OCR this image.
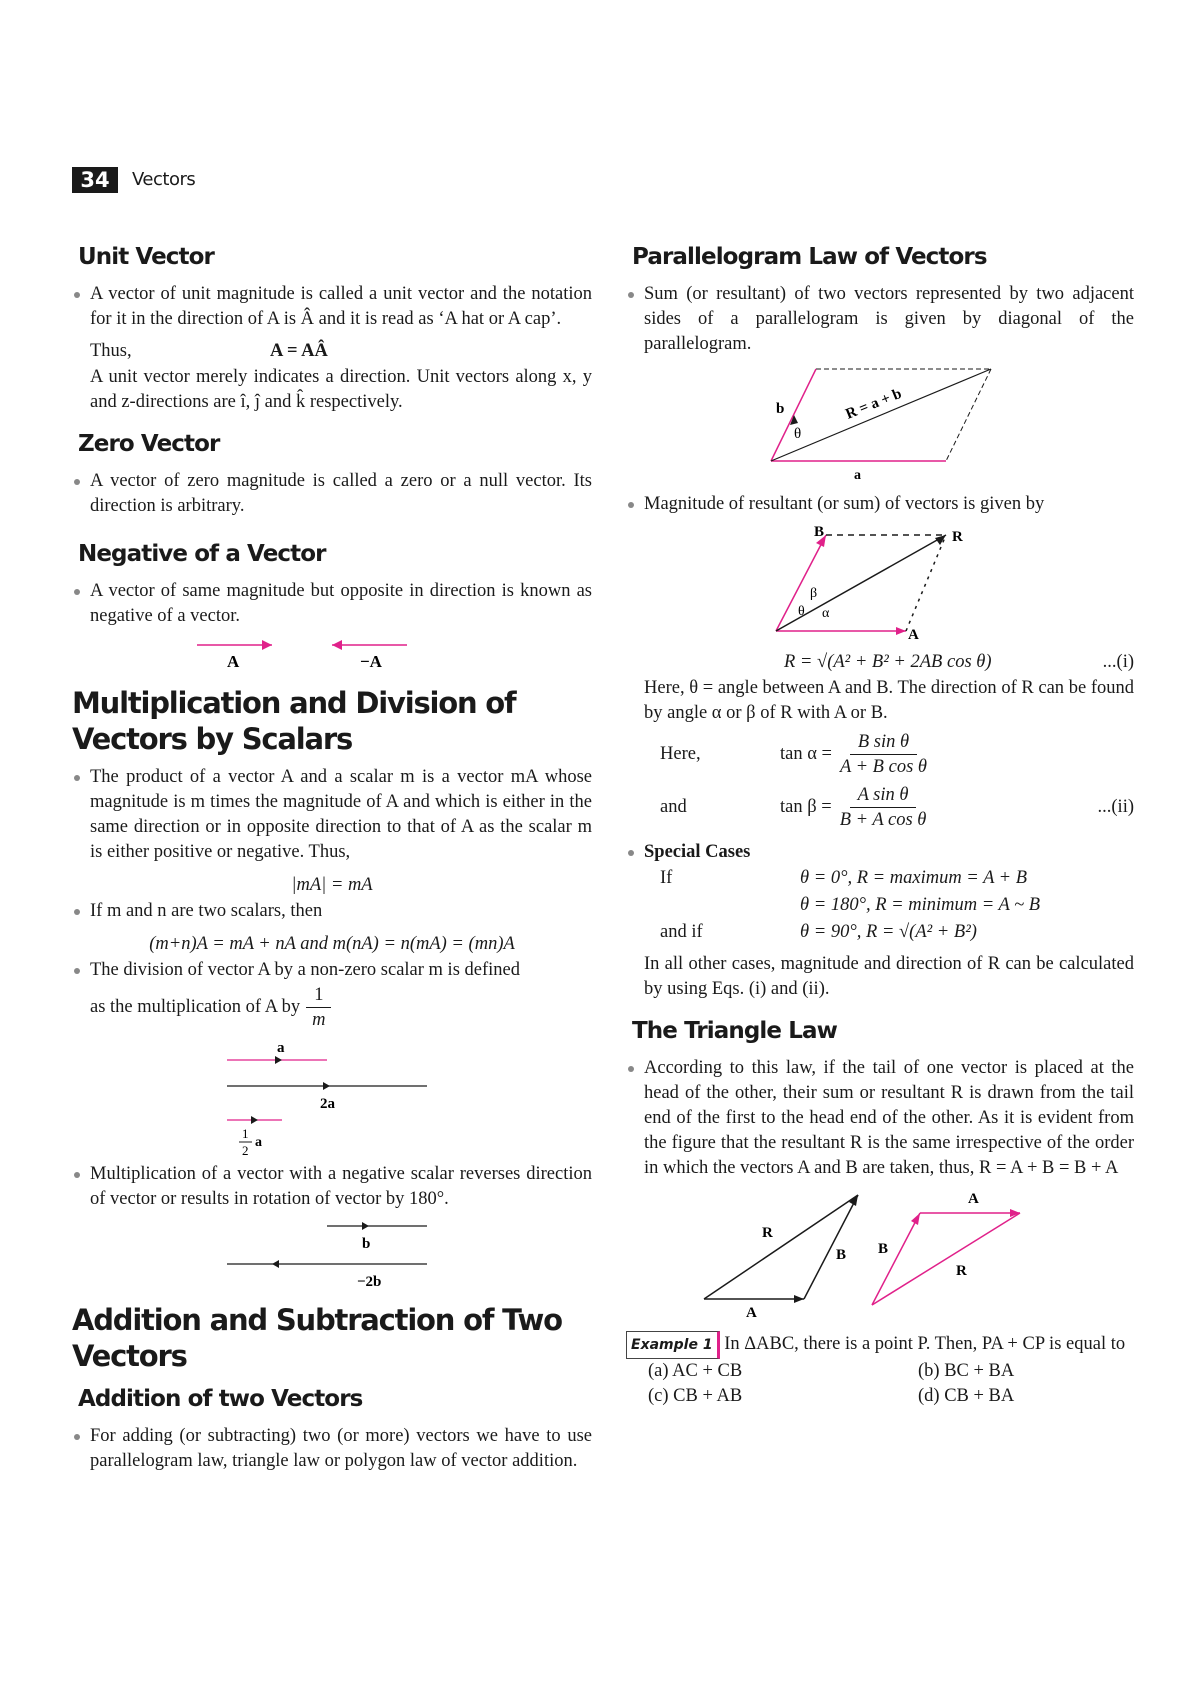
34	Vectors
Unit Vector
A vector of unit magnitude is called a unit vector and the notation for it in the direction of A is Â and it is read as ‘A hat or A cap’.
Thus,	A = AÂ
A unit vector merely indicates a direction. Unit vectors along x, y and z-directions are î, ĵ and k̂ respectively.
Zero Vector
A vector of zero magnitude is called a zero or a null vector. Its direction is arbitrary.
Negative of a Vector
A vector of same magnitude but opposite in direction is known as negative of a vector.
A	−A
Multiplication and Division of Vectors by Scalars
The product of a vector A and a scalar m is a vector mA whose magnitude is m times the magnitude of A and which is either in the same direction or in opposite direction to that of A as the scalar m is either positive or negative. Thus,
|mA| = mA
If m and n are two scalars, then
(m+n)A = mA + nA and m(nA) = n(mA) = (mn)A
The division of vector A by a non-zero scalar m is defined
as the multiplication of A by $\frac{1}{m}$
a
2a
1
2
a
Multiplication of a vector with a negative scalar reverses direction of vector or results in rotation of vector by 180°.
b
−2b
Addition and Subtraction of Two Vectors
Addition of two Vectors
For adding (or subtracting) two (or more) vectors we have to use parallelogram law, triangle law or polygon law of vector addition.
Parallelogram Law of Vectors
Sum (or resultant) of two vectors represented by two adjacent sides of a parallelogram is given by diagonal of the parallelogram.
b
θ
R = a + b
a
Magnitude of resultant (or sum) of vectors is given by
B	R
A
β
θ α
R = √(A² + B² + 2AB cos θ)	...(i)
Here, θ = angle between A and B. The direction of R can be found by angle α or β of R with A or B.
Here,	$\tan \alpha = \frac{\text{B sin θ}}{\text{A + B cos θ}}$
and	$\tan \beta = \frac{\text{A sin θ}}{\text{B + A cos θ}}$	...(ii)
Special Cases
If	θ = 0°, R = maximum = A + B
θ = 180°, R = minimum = A ~ B
and if	θ = 90°, R = √(A² + B²)
In all other cases, magnitude and direction of R can be calculated by using Eqs. (i) and (ii).
The Triangle Law
According to this law, if the tail of one vector is placed at the head of the other, their sum or resultant R is drawn from the tail end of the first to the head end of the other. As it is evident from the figure that the resultant R is the same irrespective of the order in which the vectors A and B are taken, thus, R = A + B = B + A
R
B
A
A
B
R
Example 1 In ΔABC, there is a point P. Then, PA + CP is equal to
(a) AC + CB	(b) BC + BA
(c) CB + AB	(d) CB + BA
